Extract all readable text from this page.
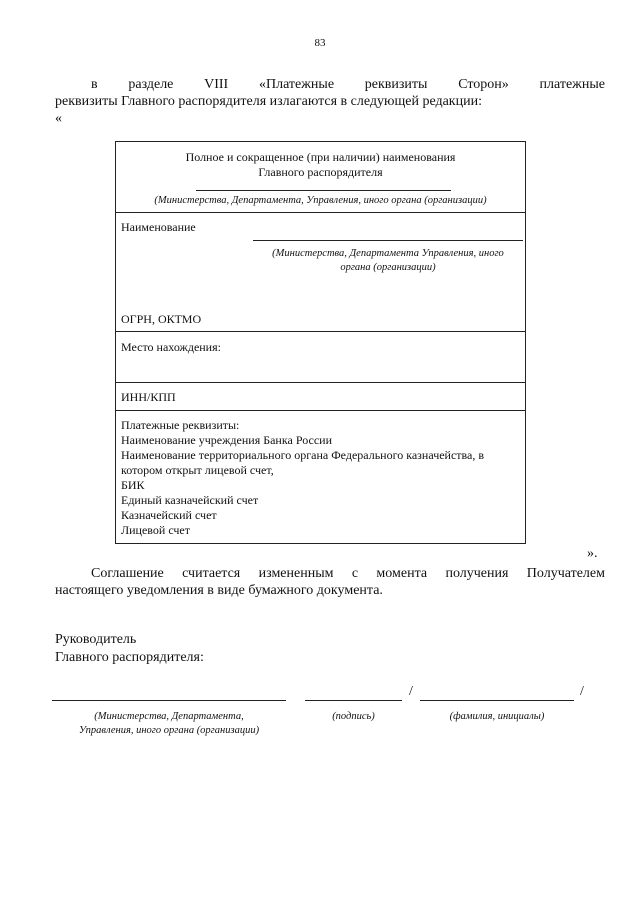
83
в разделе VIII «Платежные реквизиты Сторон» платежные
реквизиты Главного распорядителя излагаются в следующей редакции:
«
Полное и сокращенное (при наличии) наименования
Главного распорядителя
(Министерства, Департамента, Управления, иного органа (организации)
Наименование
(Министерства, Департамента Управления, иного
органа (организации)
ОГРН, ОКТМО
Место нахождения:
ИНН/КПП
Платежные реквизиты:
Наименование учреждения Банка России
Наименование территориального органа Федерального казначейства, в
котором открыт лицевой счет,
БИК
Единый казначейский счет
Казначейский счет
Лицевой счет
».
Соглашение считается измененным с момента получения Получателем
настоящего уведомления в виде бумажного документа.
Руководитель
Главного распорядителя:
/	/
(Министерства, Департамента,
Управления, иного органа (организации)
(подпись)	(фамилия, инициалы)
